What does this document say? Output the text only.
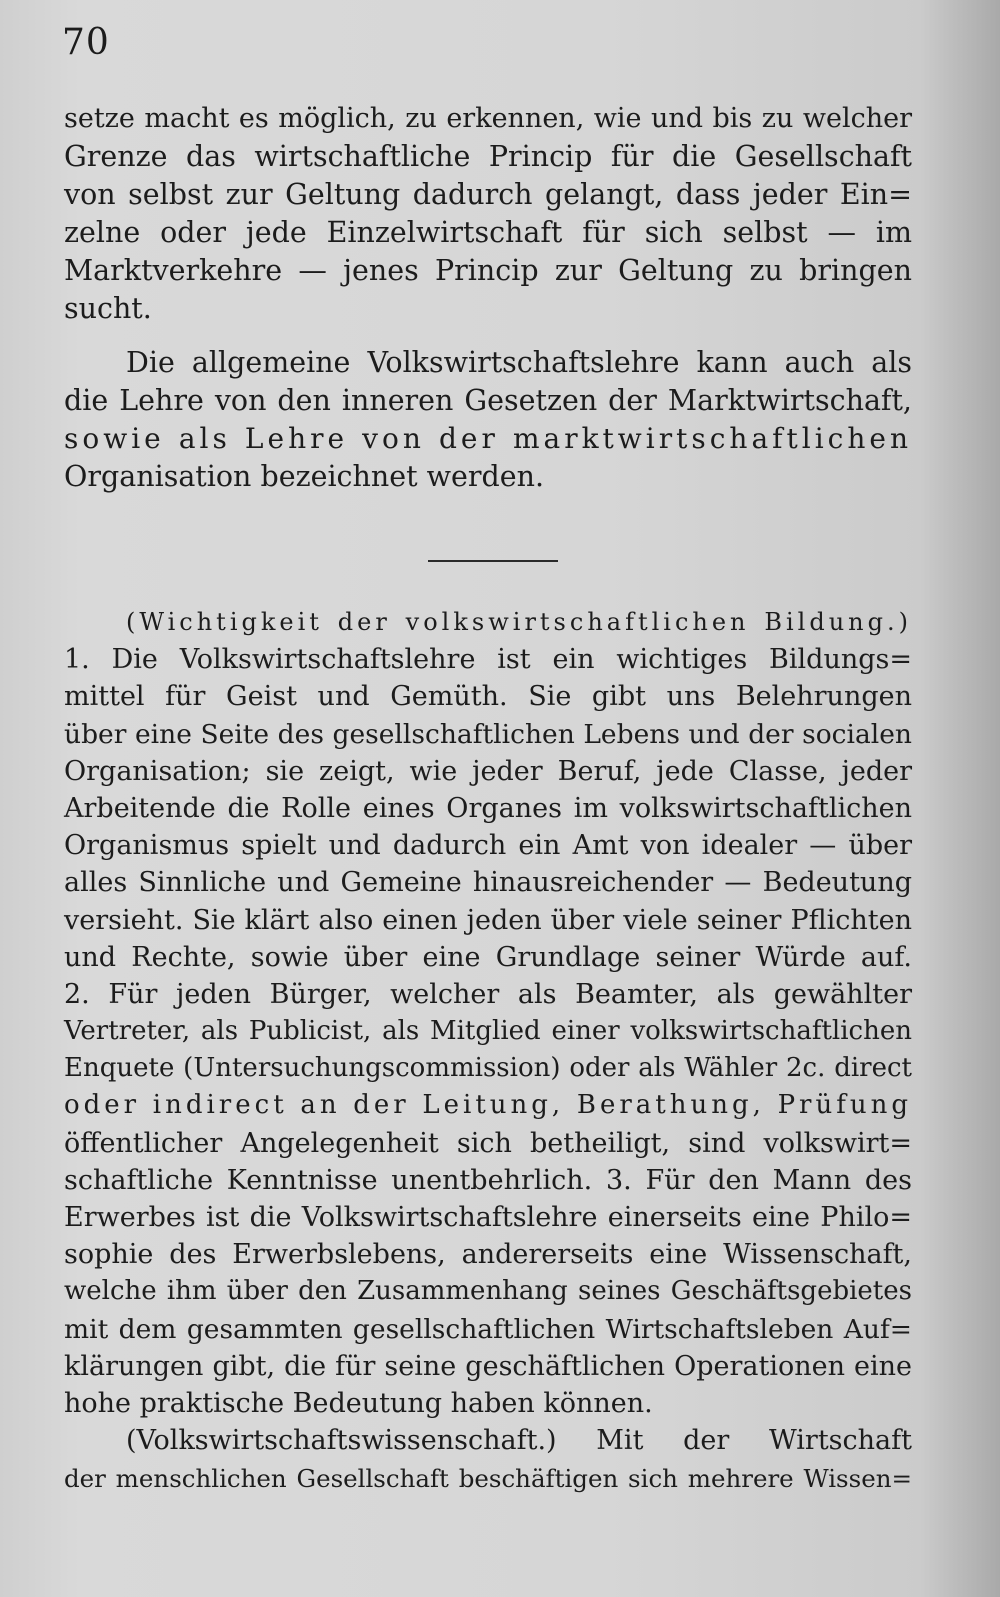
70
setze macht es möglich, zu erkennen, wie und bis zu welcher
Grenze das wirtschaftliche Princip für die Gesellschaft
von selbst zur Geltung dadurch gelangt, dass jeder Ein=
zelne oder jede Einzelwirtschaft für sich selbst — im
Marktverkehre — jenes Princip zur Geltung zu bringen
sucht.
Die allgemeine Volkswirtschaftslehre kann auch als
die Lehre von den inneren Gesetzen der Marktwirtschaft,
sowie als Lehre von der marktwirtschaftlichen
Organisation bezeichnet werden.
(Wichtigkeit der volkswirtschaftlichen Bildung.)
1. Die Volkswirtschaftslehre ist ein wichtiges Bildungs=
mittel für Geist und Gemüth. Sie gibt uns Belehrungen
über eine Seite des gesellschaftlichen Lebens und der socialen
Organisation; sie zeigt, wie jeder Beruf, jede Classe, jeder
Arbeitende die Rolle eines Organes im volkswirtschaftlichen
Organismus spielt und dadurch ein Amt von idealer — über
alles Sinnliche und Gemeine hinausreichender — Bedeutung
versieht. Sie klärt also einen jeden über viele seiner Pflichten
und Rechte, sowie über eine Grundlage seiner Würde auf.
2. Für jeden Bürger, welcher als Beamter, als gewählter
Vertreter, als Publicist, als Mitglied einer volkswirtschaftlichen
Enquete (Untersuchungscommission) oder als Wähler 2c. direct
oder indirect an der Leitung, Berathung, Prüfung
öffentlicher Angelegenheit sich betheiligt, sind volkswirt=
schaftliche Kenntnisse unentbehrlich. 3. Für den Mann des
Erwerbes ist die Volkswirtschaftslehre einerseits eine Philo=
sophie des Erwerbslebens, andererseits eine Wissenschaft,
welche ihm über den Zusammenhang seines Geschäftsgebietes
mit dem gesammten gesellschaftlichen Wirtschaftsleben Auf=
klärungen gibt, die für seine geschäftlichen Operationen eine
hohe praktische Bedeutung haben können.
(Volkswirtschaftswissenschaft.) Mit der Wirtschaft
der menschlichen Gesellschaft beschäftigen sich mehrere Wissen=
